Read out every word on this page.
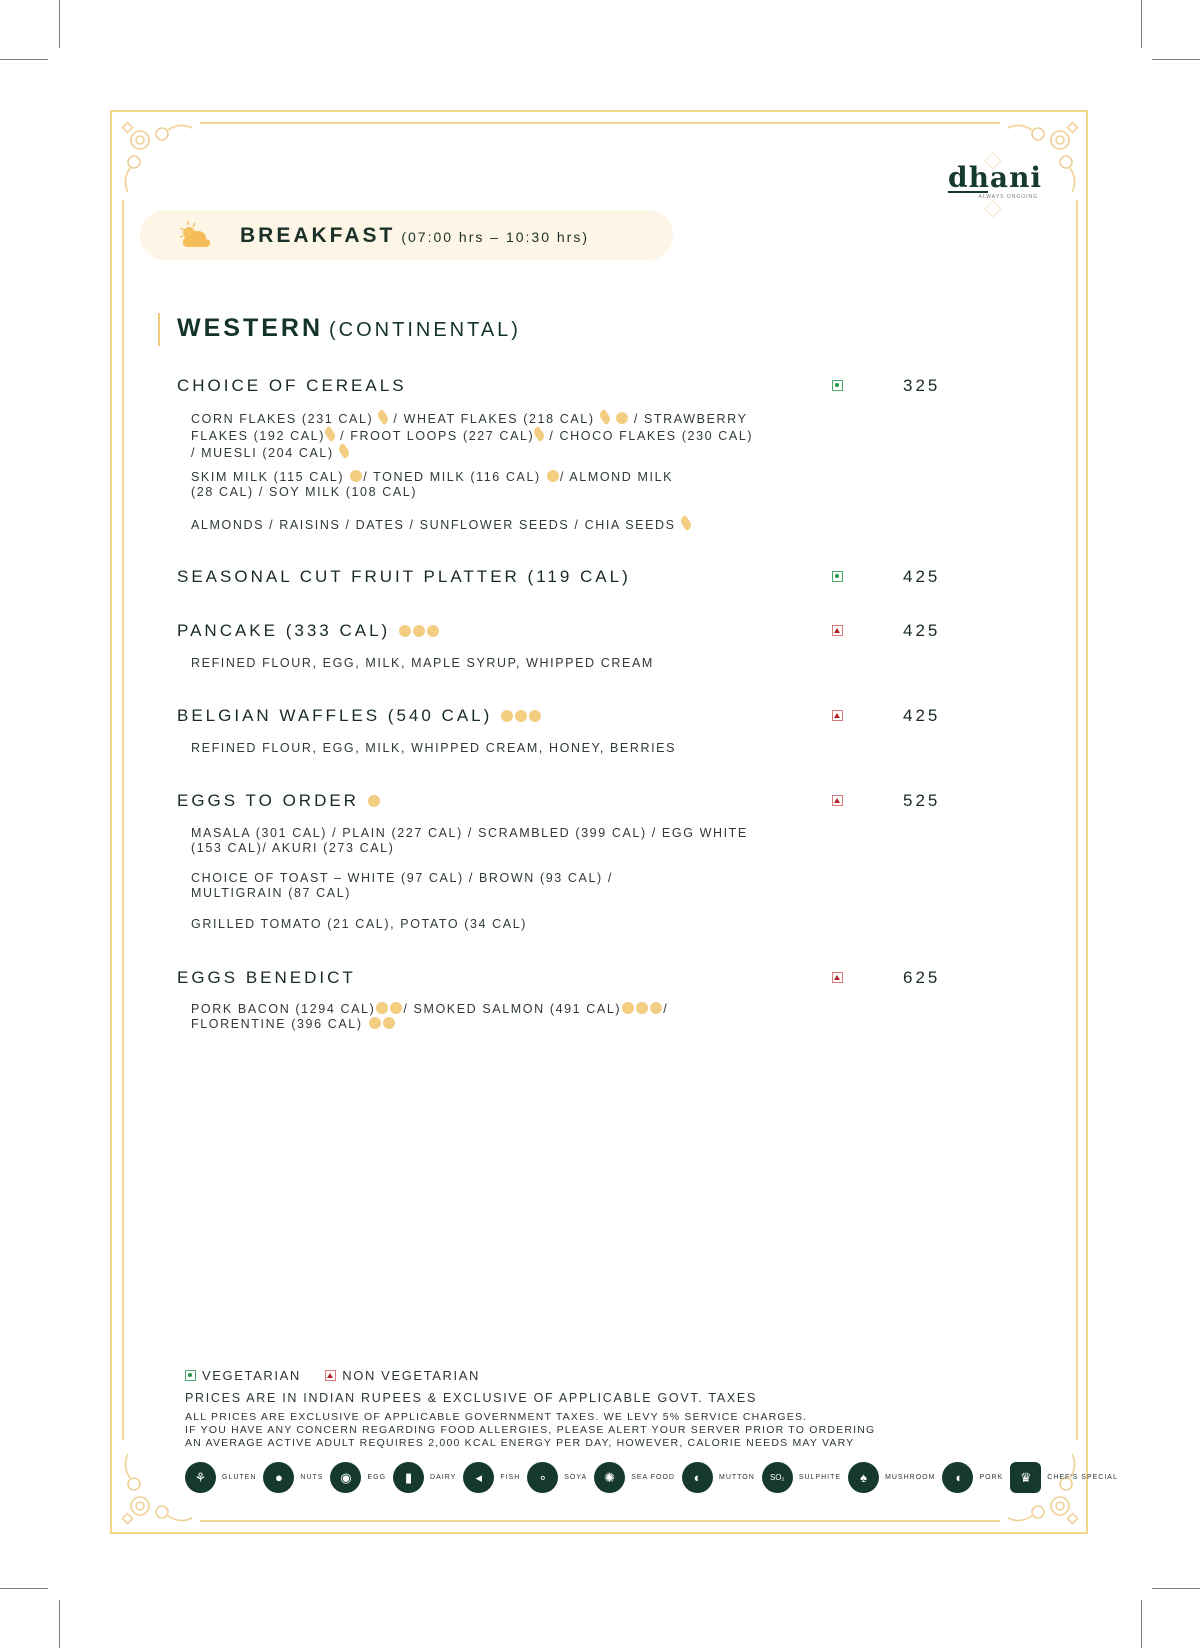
dhani
ALWAYS ONGOING
BREAKFAST (07:00 hrs – 10:30 hrs)
WESTERN (CONTINENTAL)
CHOICE OF CEREALS	325
CORN FLAKES (231 CAL) / WHEAT FLAKES (218 CAL)	/ STRAWBERRY
FLAKES (192 CAL) / FROOT LOOPS (227 CAL) / CHOCO FLAKES (230 CAL)
/ MUESLI (204 CAL)
SKIM MILK (115 CAL) / TONED MILK (116 CAL) / ALMOND MILK
(28 CAL) / SOY MILK (108 CAL)
ALMONDS / RAISINS / DATES / SUNFLOWER SEEDS / CHIA SEEDS
SEASONAL CUT FRUIT PLATTER (119 CAL)	425
PANCAKE (333 CAL)	425
REFINED FLOUR, EGG, MILK, MAPLE SYRUP, WHIPPED CREAM
BELGIAN WAFFLES (540 CAL)	425
REFINED FLOUR, EGG, MILK, WHIPPED CREAM, HONEY, BERRIES
EGGS TO ORDER	525
MASALA (301 CAL) / PLAIN (227 CAL) / SCRAMBLED (399 CAL) / EGG WHITE
(153 CAL)/ AKURI (273 CAL)
CHOICE OF TOAST – WHITE (97 CAL) / BROWN (93 CAL) /
MULTIGRAIN (87 CAL)
GRILLED TOMATO (21 CAL), POTATO (34 CAL)
EGGS BENEDICT	625
PORK BACON (1294 CAL) / SMOKED SALMON (491 CAL)	/
FLORENTINE (396 CAL)
VEGETARIAN	NON VEGETARIAN
PRICES ARE IN INDIAN RUPEES & EXCLUSIVE OF APPLICABLE GOVT. TAXES
ALL PRICES ARE EXCLUSIVE OF APPLICABLE GOVERNMENT TAXES. WE LEVY 5% SERVICE CHARGES.
IF YOU HAVE ANY CONCERN REGARDING FOOD ALLERGIES, PLEASE ALERT YOUR SERVER PRIOR TO ORDERING
AN AVERAGE ACTIVE ADULT REQUIRES 2,000 KCAL ENERGY PER DAY, HOWEVER, CALORIE NEEDS MAY VARY
⚘	GLUTEN	●	NUTS	◉	EGG	▮	DAIRY	◂	FISH	∘	SOYA	✺	SEA FOOD	◐	MUTTON	SO₂	SULPHITE	♠	MUSHROOM	◖	PORK	♛	CHEF'S SPECIAL
